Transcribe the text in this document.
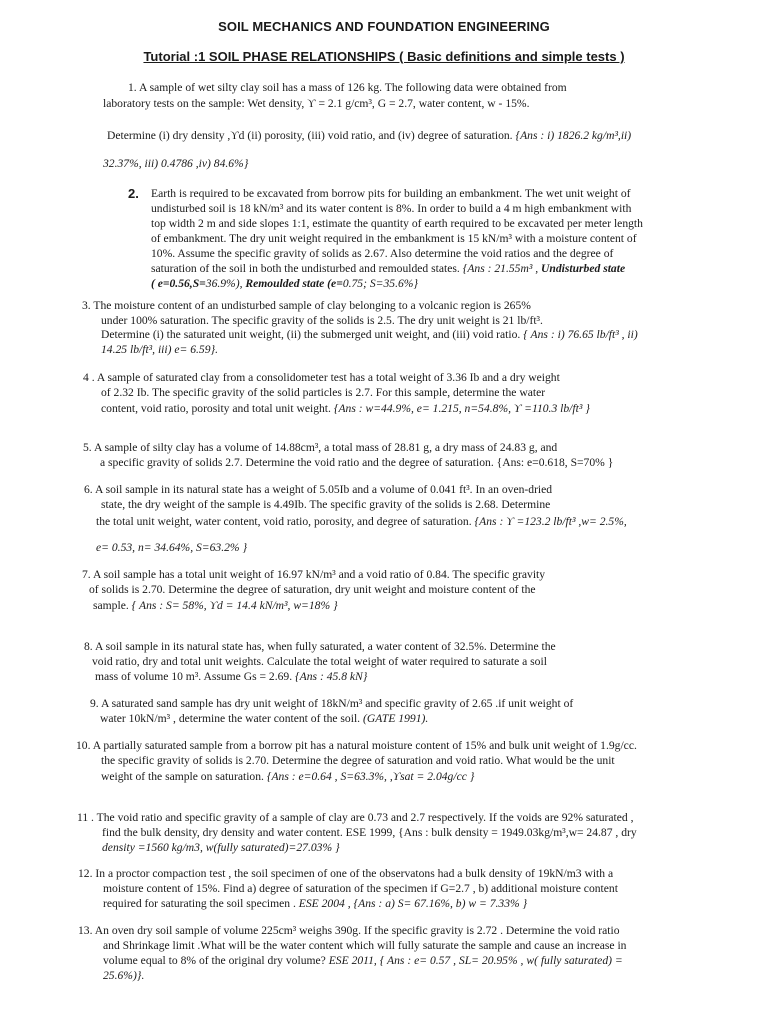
SOIL MECHANICS AND FOUNDATION ENGINEERING
Tutorial :1 SOIL PHASE RELATIONSHIPS ( Basic definitions and simple tests )

1. A sample of wet silty clay soil has a mass of 126 kg. The following data were obtained from

laboratory tests on the sample: Wet density, ϒ = 2.1 g/cm³, G = 2.7, water content, w - 15%.

Determine (i) dry density ,ϒd (ii) porosity, (iii) void ratio, and (iv) degree of saturation. {Ans : i) 1826.2 kg/m³,ii)

32.37%, iii) 0.4786 ,iv) 84.6%}

2. Earth is required to be excavated from borrow pits for building an embankment. The wet unit weight of

undisturbed soil is 18 kN/m³ and its water content is 8%. In order to build a 4 m high embankment with

top width 2 m and side slopes 1:1, estimate the quantity of earth required to be excavated per meter length

of embankment. The dry unit weight required in the embankment is 15 kN/m³ with a moisture content of

10%. Assume the specific gravity of solids as 2.67. Also determine the void ratios and the degree of

saturation of the soil in both the undisturbed and remoulded states. {Ans : 21.55m³ , Undisturbed state

( e=0.56,S=36.9%), Remoulded state (e=0.75; S=35.6%}

3. The moisture content of an undisturbed sample of clay belonging to a volcanic region is 265%

under 100% saturation. The specific gravity of the solids is 2.5. The dry unit weight is 21 lb/ft³.

Determine (i) the saturated unit weight, (ii) the submerged unit weight, and (iii) void ratio. { Ans : i) 76.65 lb/ft³ , ii)

14.25 lb/ft³, iii) e= 6.59}.

4 . A sample of saturated clay from a consolidometer test has a total weight of 3.36 Ib and a dry weight

of 2.32 Ib. The specific gravity of the solid particles is 2.7. For this sample, determine the water

content, void ratio, porosity and total unit weight. {Ans : w=44.9%, e= 1.215, n=54.8%, ϒ =110.3 lb/ft³ }

5. A sample of silty clay has a volume of 14.88cm³, a total mass of 28.81 g, a dry mass of 24.83 g, and

a specific gravity of solids 2.7. Determine the void ratio and the degree of saturation. {Ans: e=0.618, S=70% }

6. A soil sample in its natural state has a weight of 5.05Ib and a volume of 0.041 ft³. In an oven-dried

state, the dry weight of the sample is 4.49Ib. The specific gravity of the solids is 2.68. Determine

the total unit weight, water content, void ratio, porosity, and degree of saturation. {Ans : ϒ =123.2 lb/ft³ ,w= 2.5%,

e= 0.53, n= 34.64%, S=63.2% }

7. A soil sample has a total unit weight of 16.97 kN/m³ and a void ratio of 0.84. The specific gravity

of solids is 2.70. Determine the degree of saturation, dry unit weight and moisture content of the

sample. { Ans : S= 58%, ϒd = 14.4 kN/m³, w=18% }

8. A soil sample in its natural state has, when fully saturated, a water content of 32.5%. Determine the

void ratio, dry and total unit weights. Calculate the total weight of water required to saturate a soil

mass of volume 10 m³. Assume Gs = 2.69. {Ans : 45.8 kN}

9. A saturated sand sample has dry unit weight of 18kN/m³ and specific gravity of 2.65 .if unit weight of

water 10kN/m³ , determine the water content of the soil. (GATE 1991).

10. A partially saturated sample from a borrow pit has a natural moisture content of 15% and bulk unit weight of 1.9g/cc.

the specific gravity of solids is 2.70. Determine the degree of saturation and void ratio. What would be the unit

weight of the sample on saturation. {Ans : e=0.64 , S=63.3%, ,ϒsat = 2.04g/cc }

11 . The void ratio and specific gravity of a sample of clay are 0.73 and 2.7 respectively. If the voids are 92% saturated ,

find the bulk density, dry density and water content. ESE 1999, {Ans : bulk density = 1949.03kg/m³,w= 24.87 , dry

density =1560 kg/m3, w(fully saturated)=27.03% }

12. In a proctor compaction test , the soil specimen of one of the observatons had a bulk density of 19kN/m3 with a

moisture content of 15%. Find a) degree of saturation of the specimen if G=2.7 , b) additional moisture content

required for saturating the soil specimen . ESE 2004 , {Ans : a) S= 67.16%, b) w = 7.33% }

13. An oven dry soil sample of volume 225cm³ weighs 390g. If the specific gravity is 2.72 . Determine the void ratio

and Shrinkage limit .What will be the water content which will fully saturate the sample and cause an increase in

volume equal to 8% of the original dry volume? ESE 2011, { Ans : e= 0.57 , SL= 20.95% , w( fully saturated) =

25.6%)}.
